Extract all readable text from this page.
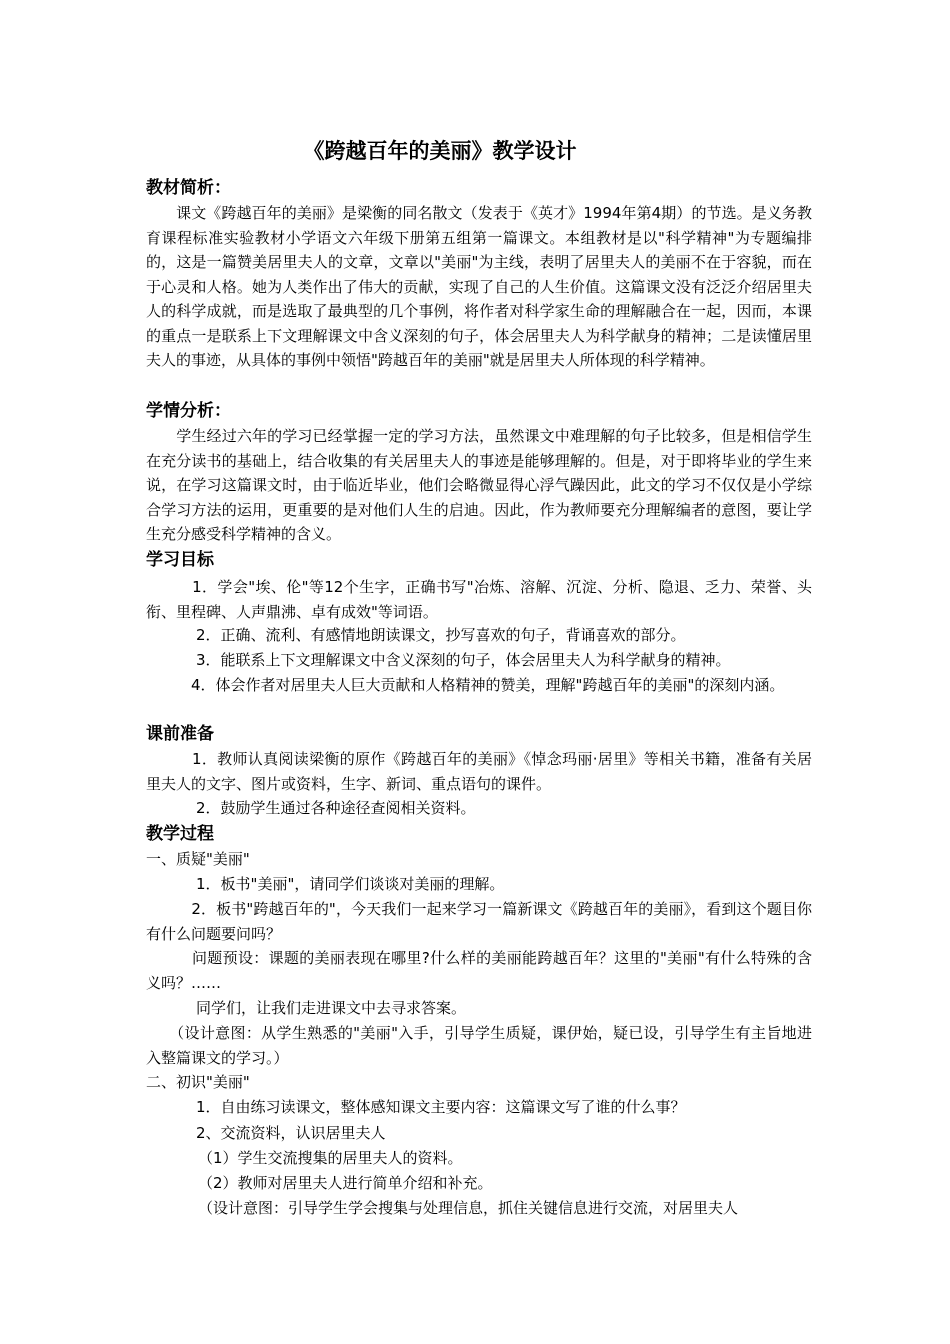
《跨越百年的美丽》教学设计
教材简析：

　　课文《跨越百年的美丽》是梁衡的同名散文（发表于《英才》1994年第4期）的节选。是义务教育课程标准实验教材小学语文六年级下册第五组第一篇课文。本组教材是以"科学精神"为专题编排的，这是一篇赞美居里夫人的文章，文章以"美丽"为主线，表明了居里夫人的美丽不在于容貌，而在于心灵和人格。她为人类作出了伟大的贡献，实现了自己的人生价值。这篇课文没有泛泛介绍居里夫人的科学成就，而是选取了最典型的几个事例，将作者对科学家生命的理解融合在一起，因而，本课的重点一是联系上下文理解课文中含义深刻的句子，体会居里夫人为科学献身的精神；二是读懂居里夫人的事迹，从具体的事例中领悟"跨越百年的美丽"就是居里夫人所体现的科学精神。

学情分析：

　　学生经过六年的学习已经掌握一定的学习方法，虽然课文中难理解的句子比较多，但是相信学生在充分读书的基础上，结合收集的有关居里夫人的事迹是能够理解的。但是，对于即将毕业的学生来说，在学习这篇课文时，由于临近毕业，他们会略微显得心浮气躁因此，此文的学习不仅仅是小学综合学习方法的运用，更重要的是对他们人生的启迪。因此，作为教师要充分理解编者的意图，要让学生充分感受科学精神的含义。

学习目标

　　　1．学会"埃、伦"等12个生字，正确书写"冶炼、溶解、沉淀、分析、隐退、乏力、荣誉、头衔、里程碑、人声鼎沸、卓有成效"等词语。

2．正确、流利、有感情地朗读课文，抄写喜欢的句子，背诵喜欢的部分。
3．能联系上下文理解课文中含义深刻的句子，体会居里夫人为科学献身的精神。

　　　4．体会作者对居里夫人巨大贡献和人格精神的赞美，理解"跨越百年的美丽"的深刻内涵。

课前准备

　　　1．教师认真阅读梁衡的原作《跨越百年的美丽》《悼念玛丽·居里》等相关书籍，准备有关居里夫人的文字、图片或资料，生字、新词、重点语句的课件。

2．鼓励学生通过各种途径查阅相关资料。
教学过程
一、质疑"美丽"
1．板书"美丽"，请同学们谈谈对美丽的理解。

　　　2．板书"跨越百年的"，今天我们一起来学习一篇新课文《跨越百年的美丽》，看到这个题目你有什么问题要问吗？

　　　问题预设：课题的美丽表现在哪里?什么样的美丽能跨越百年？这里的"美丽"有什么特殊的含义吗？……

同学们，让我们走进课文中去寻求答案。

　　（设计意图：从学生熟悉的"美丽"入手，引导学生质疑，课伊始，疑已设，引导学生有主旨地进入整篇课文的学习。）

二、初识"美丽"
1．自由练习读课文，整体感知课文主要内容：这篇课文写了谁的什么事？
2、交流资料，认识居里夫人
（1）学生交流搜集的居里夫人的资料。
（2）教师对居里夫人进行简单介绍和补充。
（设计意图：引导学生学会搜集与处理信息，抓住关键信息进行交流，对居里夫人
